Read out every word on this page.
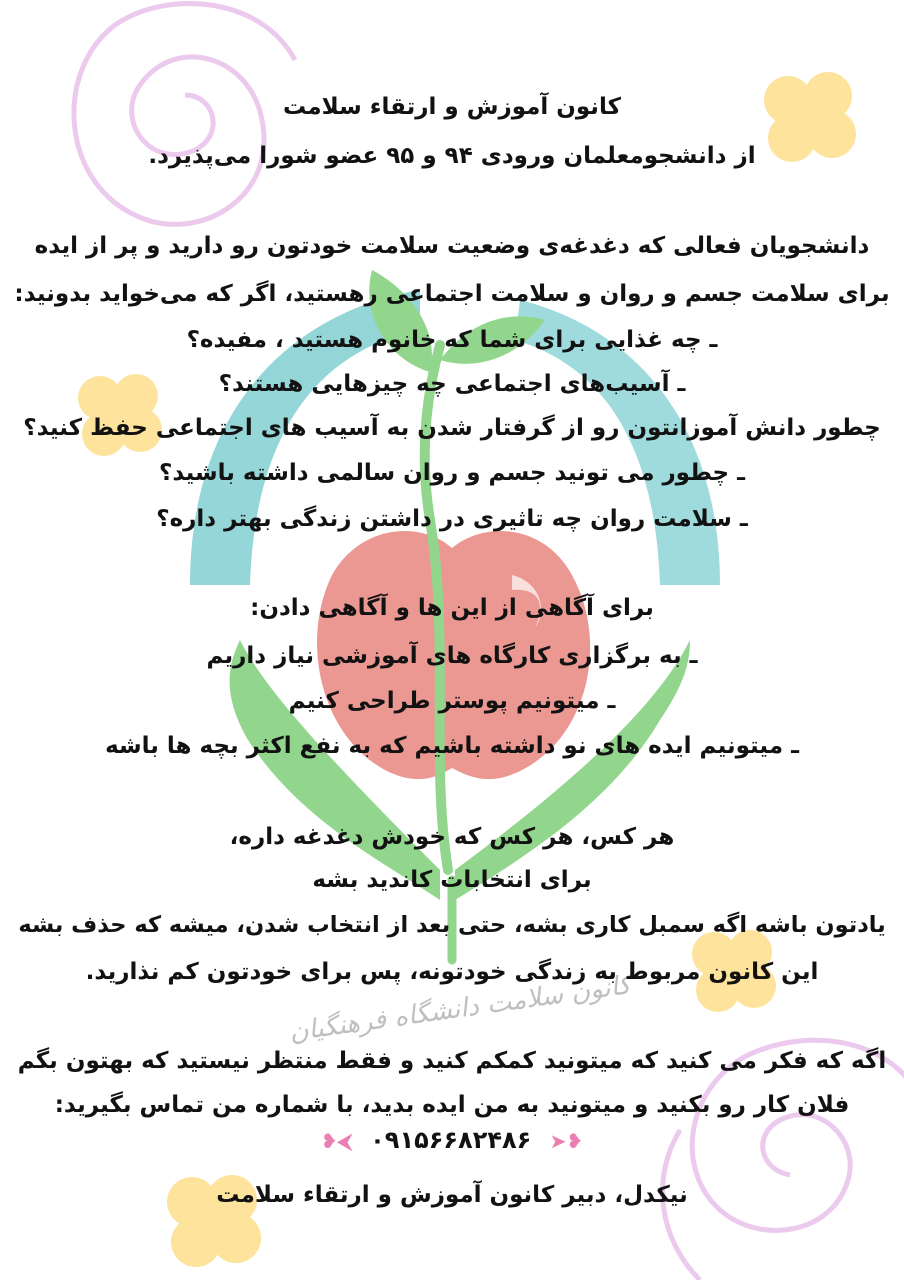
کانون سلامت دانشگاه فرهنگیان
کانون آموزش و ارتقاء سلامت
از دانشجومعلمان ورودی ۹۴ و ۹۵ عضو شورا می‌پذیرد.
دانشجویان فعالی که دغدغه‌ی وضعیت سلامت خودتون رو دارید و پر از ایده
برای سلامت جسم و روان و سلامت اجتماعی رهستید، اگر که می‌خواید بدونید:
ـ چه غذایی برای شما که خانوم هستید ، مفیده؟
ـ آسیب‌های اجتماعی چه چیزهایی هستند؟
چطور دانش آموزانتون رو از گرفتار شدن به آسیب های اجتماعی حفظ کنید؟
ـ چطور می تونید جسم و روان سالمی داشته باشید؟
ـ سلامت روان چه تاثیری در داشتن زندگی بهتر داره؟
برای آگاهی از این ها و آگاهی دادن:
ـ به برگزاری کارگاه های آموزشی نیاز داریم
ـ میتونیم پوستر طراحی کنیم
ـ میتونیم ایده های نو داشته باشیم که به نفع اکثر بچه ها باشه
هر کس، هر کس که خودش دغدغه داره،
برای انتخابات کاندید بشه
یادتون باشه اگه سمبل کاری بشه، حتی بعد از انتخاب شدن، میشه که حذف بشه
این کانون مربوط به زندگی خودتونه، پس برای خودتون کم نذارید.
اگه که فکر می کنید که میتونید کمکم کنید و فقط منتظر نیستید که بهتون بگم
فلان کار رو بکنید و میتونید به من ایده بدید، با شماره من تماس بگیرید:
❥➤ ۰۹۱۵۶۶۸۲۴۸۶ ⮜❥
نیکدل، دبیر کانون آموزش و ارتقاء سلامت
